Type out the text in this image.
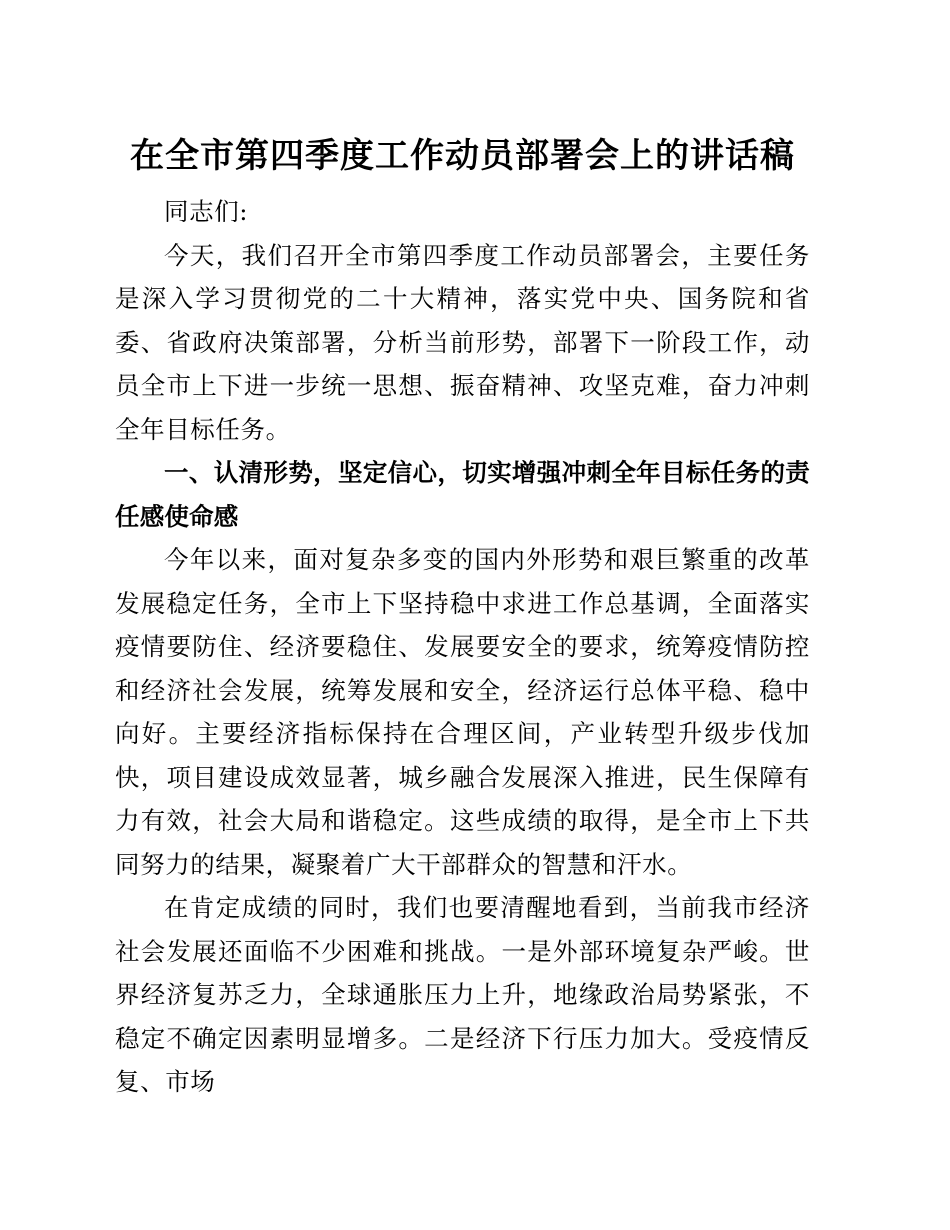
在全市第四季度工作动员部署会上的讲话稿

同志们:

今天，我们召开全市第四季度工作动员部署会，主要任务是深入学习贯彻党的二十大精神，落实党中央、国务院和省委、省政府决策部署，分析当前形势，部署下一阶段工作，动员全市上下进一步统一思想、振奋精神、攻坚克难，奋力冲刺全年目标任务。

一、认清形势，坚定信心，切实增强冲刺全年目标任务的责任感使命感

今年以来，面对复杂多变的国内外形势和艰巨繁重的改革发展稳定任务，全市上下坚持稳中求进工作总基调，全面落实疫情要防住、经济要稳住、发展要安全的要求，统筹疫情防控和经济社会发展，统筹发展和安全，经济运行总体平稳、稳中向好。主要经济指标保持在合理区间，产业转型升级步伐加快，项目建设成效显著，城乡融合发展深入推进，民生保障有力有效，社会大局和谐稳定。这些成绩的取得，是全市上下共同努力的结果，凝聚着广大干部群众的智慧和汗水。

在肯定成绩的同时，我们也要清醒地看到，当前我市经济社会发展还面临不少困难和挑战。一是外部环境复杂严峻。世界经济复苏乏力，全球通胀压力上升，地缘政治局势紧张，不稳定不确定因素明显增多。二是经济下行压力加大。受疫情反复、市场
